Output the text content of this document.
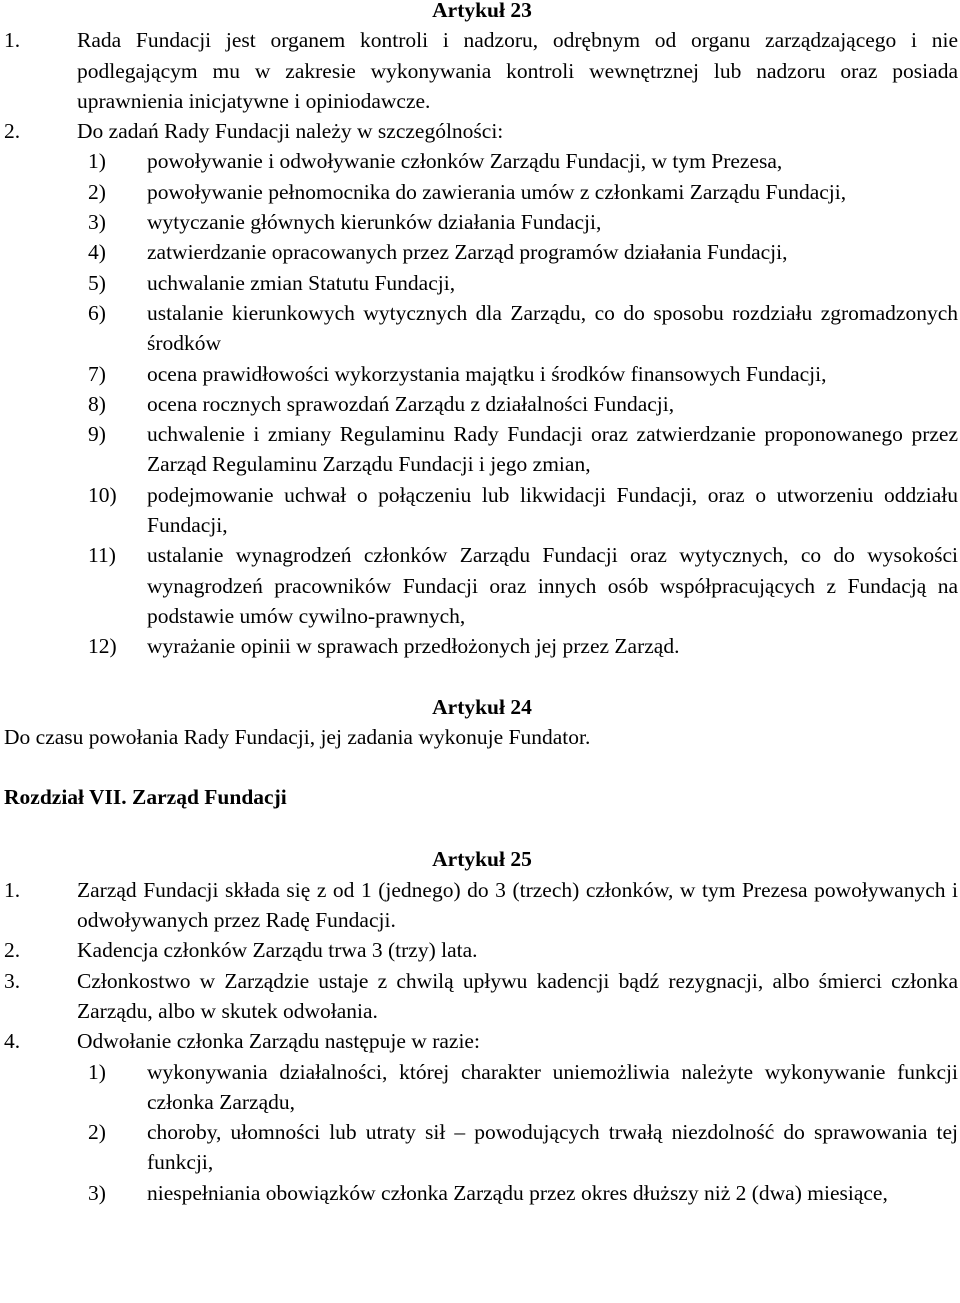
Artykuł 23
1.	Rada Fundacji jest organem kontroli i nadzoru, odrębnym od organu zarządzającego i nie podlegającym mu w zakresie wykonywania kontroli wewnętrznej lub nadzoru oraz posiada uprawnienia inicjatywne i opiniodawcze.
2.	Do zadań Rady Fundacji należy w szczególności:
1) powoływanie i odwoływanie członków Zarządu Fundacji, w tym Prezesa,
2) powoływanie pełnomocnika do zawierania umów z członkami Zarządu Fundacji,
3) wytyczanie głównych kierunków działania Fundacji,
4) zatwierdzanie opracowanych przez Zarząd programów działania Fundacji,
5) uchwalanie zmian Statutu Fundacji,
6) ustalanie kierunkowych wytycznych dla Zarządu, co do sposobu rozdziału zgromadzonych środków
7) ocena prawidłowości wykorzystania majątku i środków finansowych Fundacji,
8) ocena rocznych sprawozdań Zarządu z działalności Fundacji,
9) uchwalenie i zmiany Regulaminu Rady Fundacji oraz zatwierdzanie proponowanego przez Zarząd Regulaminu Zarządu Fundacji i jego zmian,
10) podejmowanie uchwał o połączeniu lub likwidacji Fundacji, oraz o utworzeniu oddziału Fundacji,
11) ustalanie wynagrodzeń członków Zarządu Fundacji oraz wytycznych, co do wysokości wynagrodzeń pracowników Fundacji oraz innych osób współpracujących z Fundacją na podstawie umów cywilno-prawnych,
12) wyrażanie opinii w sprawach przedłożonych jej przez Zarząd.
Artykuł 24
Do czasu powołania Rady Fundacji, jej zadania wykonuje Fundator.
Rozdział VII. Zarząd Fundacji
Artykuł 25
1.	Zarząd Fundacji składa się z od 1 (jednego) do 3 (trzech) członków, w tym Prezesa powoływanych i odwoływanych przez Radę Fundacji.
2.	Kadencja członków Zarządu trwa 3 (trzy) lata.
3.	Członkostwo w Zarządzie ustaje z chwilą upływu kadencji bądź rezygnacji, albo śmierci członka Zarządu, albo w skutek odwołania.
4.	Odwołanie członka Zarządu następuje w razie:
1) wykonywania działalności, której charakter uniemożliwia należyte wykonywanie funkcji członka Zarządu,
2) choroby, ułomności lub utraty sił – powodujących trwałą niezdolność do sprawowania tej funkcji,
3) niespełniania obowiązków członka Zarządu przez okres dłuższy niż 2 (dwa) miesiące,
